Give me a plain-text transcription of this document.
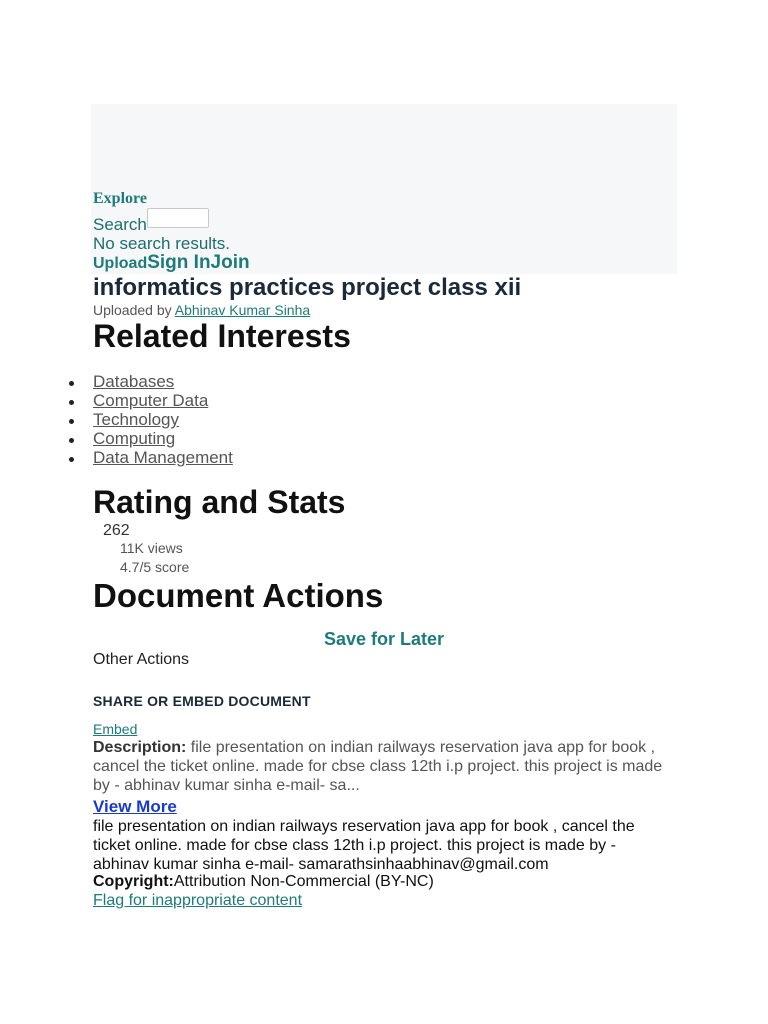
Explore
Search
No search results.
UploadSign InJoin
informatics practices project class xii
Uploaded by Abhinav Kumar Sinha
Related Interests
Databases
Computer Data
Technology
Computing
Data Management
Rating and Stats
262
11K views
4.7/5 score
Document Actions
Save for Later
Other Actions
SHARE OR EMBED DOCUMENT
Embed
Description: file presentation on indian railways reservation java app for book , cancel the ticket online. made for cbse class 12th i.p project. this project is made by - abhinav kumar sinha e-mail- sa...
View More
file presentation on indian railways reservation java app for book , cancel the ticket online. made for cbse class 12th i.p project. this project is made by - abhinav kumar sinha e-mail- samarathsinhaabhinav@gmail.com
Copyright:Attribution Non-Commercial (BY-NC)
Flag for inappropriate content
